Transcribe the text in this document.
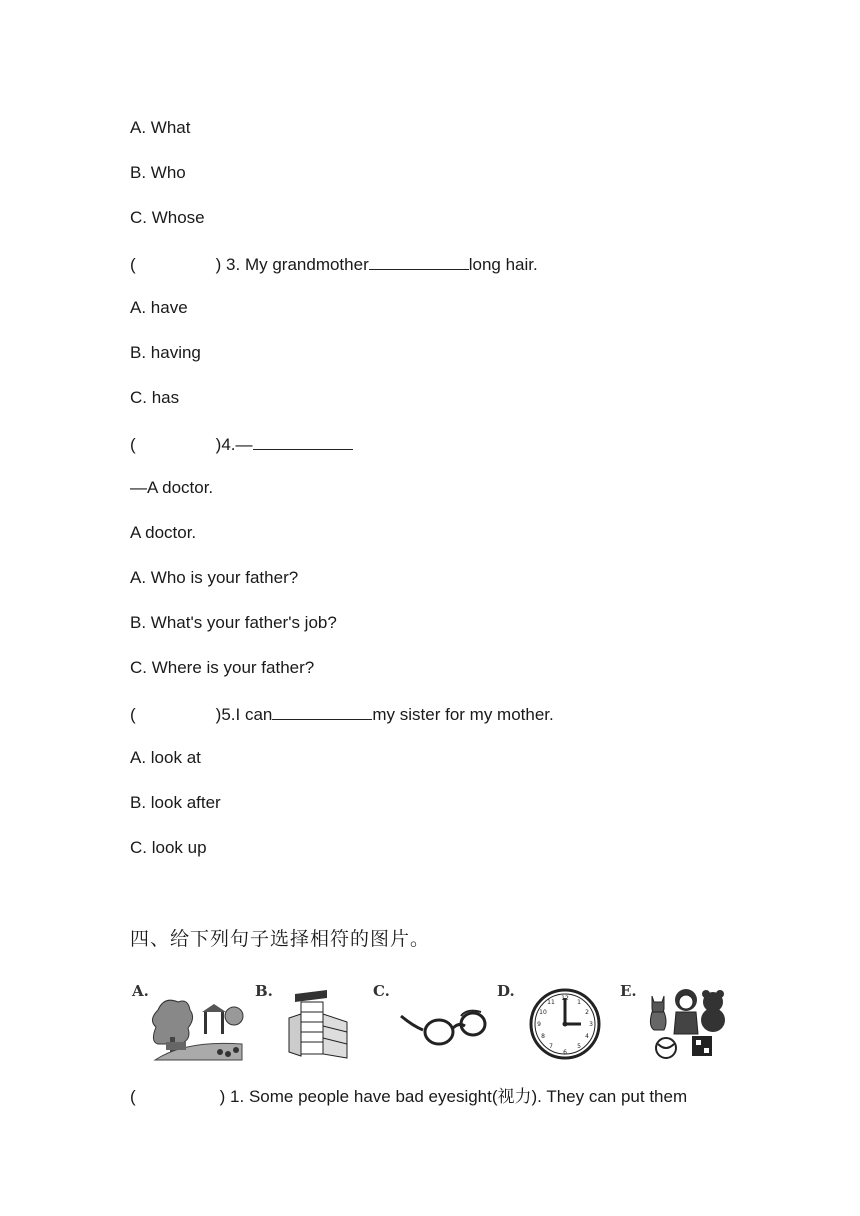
A. What
B. Who
C. Whose
(	) 3. My grandmother	long hair.
A. have
B. having
C. has
(	)4.—
—A doctor.
A doctor.
A. Who is your father?
B. What's your father's job?
C. Where is your father?
(	)5.I can	my sister for my mother.
A. look at
B. look after
C. look up
四、给下列句子选择相符的图片。
A.	B.	C.	D.	12
1
2
3
4
5
6
7
8
9
10
11
E.
(	) 1. Some people have bad eyesight(视力). They can put them
